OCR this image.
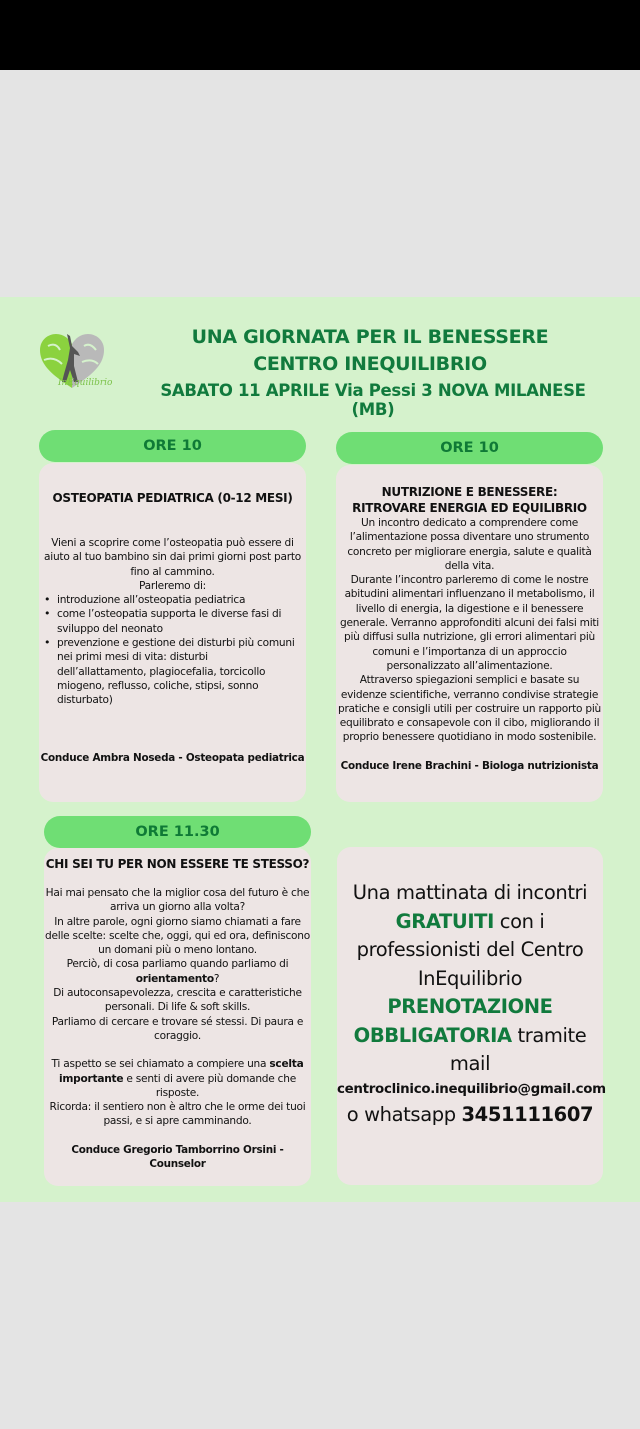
InEquilibrio
UNA GIORNATA PER IL BENESSERE
CENTRO INEQUILIBRIO
SABATO 11 APRILE Via Pessi 3 NOVA MILANESE (MB)
ORE 10
OSTEOPATIA PEDIATRICA (0-12 MESI)

Vieni a scoprire come l’osteopatia può essere di aiuto al tuo bambino sin dai primi giorni post parto fino al cammino.

Parleremo di:

• introduzione all’osteopatia pediatrica
• come l’osteopatia supporta le diverse fasi di sviluppo del neonato
• prevenzione e gestione dei disturbi più comuni nei primi mesi di vita: disturbi dell’allattamento, plagiocefalia, torcicollo miogeno, reflusso, coliche, stipsi, sonno disturbato)

Conduce Ambra Noseda - Osteopata pediatrica

ORE 10
NUTRIZIONE E BENESSERE: RITROVARE ENERGIA ED EQUILIBRIO

Un incontro dedicato a comprendere come l’alimentazione possa diventare uno strumento concreto per migliorare energia, salute e qualità della vita.

Durante l’incontro parleremo di come le nostre abitudini alimentari influenzano il metabolismo, il livello di energia, la digestione e il benessere generale. Verranno approfonditi alcuni dei falsi miti più diffusi sulla nutrizione, gli errori alimentari più comuni e l’importanza di un approccio personalizzato all’alimentazione.

Attraverso spiegazioni semplici e basate su evidenze scientifiche, verranno condivise strategie pratiche e consigli utili per costruire un rapporto più equilibrato e consapevole con il cibo, migliorando il proprio benessere quotidiano in modo sostenibile.

Conduce Irene Brachini - Biologa nutrizionista

ORE 11.30
CHI SEI TU PER NON ESSERE TE STESSO?

Hai mai pensato che la miglior cosa del futuro è che arriva un giorno alla volta?

In altre parole, ogni giorno siamo chiamati a fare delle scelte: scelte che, oggi, qui ed ora, definiscono un domani più o meno lontano.

Perciò, di cosa parliamo quando parliamo di orientamento?

Di autoconsapevolezza, crescita e caratteristiche personali. Di life & soft skills.

Parliamo di cercare e trovare sé stessi. Di paura e coraggio.

Ti aspetto se sei chiamato a compiere una scelta importante e senti di avere più domande che risposte.

Ricorda: il sentiero non è altro che le orme dei tuoi passi, e si apre camminando.

Conduce Gregorio Tamborrino Orsini - Counselor

Una mattinata di incontri
GRATUITI con i professionisti del Centro InEquilibrio
PRENOTAZIONE OBBLIGATORIA tramite mail

centroclinico.inequilibrio@gmail.com

o whatsapp 3451111607
